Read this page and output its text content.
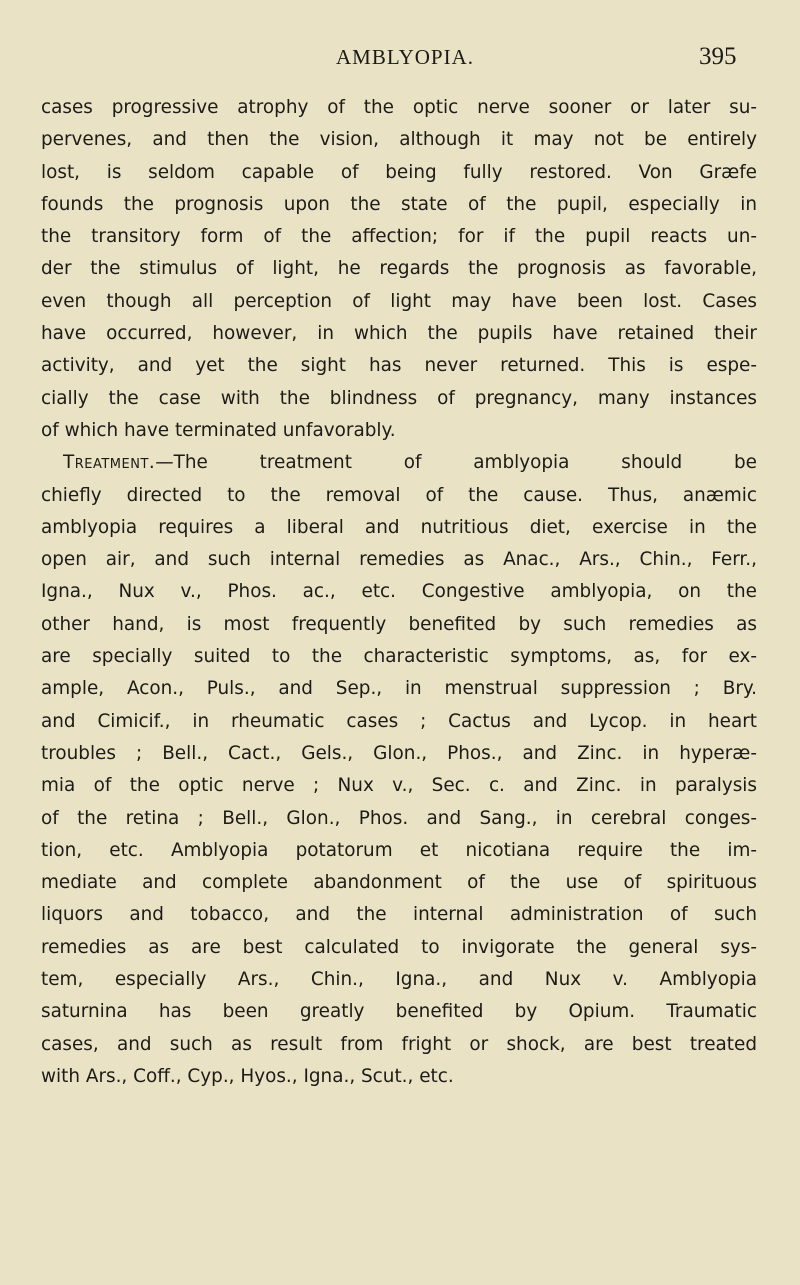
AMBLYOPIA.	395
cases progressive atrophy of the optic nerve sooner or later su-
pervenes, and then the vision, although it may not be entirely
lost, is seldom capable of being fully restored. Von Græfe
founds the prognosis upon the state of the pupil, especially in
the transitory form of the affection; for if the pupil reacts un-
der the stimulus of light, he regards the prognosis as favorable,
even though all perception of light may have been lost. Cases
have occurred, however, in which the pupils have retained their
activity, and yet the sight has never returned. This is espe-
cially the case with the blindness of pregnancy, many instances
of which have terminated unfavorably.
Treatment.—The treatment of amblyopia should be
chiefly directed to the removal of the cause. Thus, anæmic
amblyopia requires a liberal and nutritious diet, exercise in the
open air, and such internal remedies as Anac., Ars., Chin., Ferr.,
Igna., Nux v., Phos. ac., etc. Congestive amblyopia, on the
other hand, is most frequently benefited by such remedies as
are specially suited to the characteristic symptoms, as, for ex-
ample, Acon., Puls., and Sep., in menstrual suppression ; Bry.
and Cimicif., in rheumatic cases ; Cactus and Lycop. in heart
troubles ; Bell., Cact., Gels., Glon., Phos., and Zinc. in hyperæ-
mia of the optic nerve ; Nux v., Sec. c. and Zinc. in paralysis
of the retina ; Bell., Glon., Phos. and Sang., in cerebral conges-
tion, etc. Amblyopia potatorum et nicotiana require the im-
mediate and complete abandonment of the use of spirituous
liquors and tobacco, and the internal administration of such
remedies as are best calculated to invigorate the general sys-
tem, especially Ars., Chin., Igna., and Nux v. Amblyopia
saturnina has been greatly benefited by Opium. Traumatic
cases, and such as result from fright or shock, are best treated
with Ars., Coff., Cyp., Hyos., Igna., Scut., etc.
